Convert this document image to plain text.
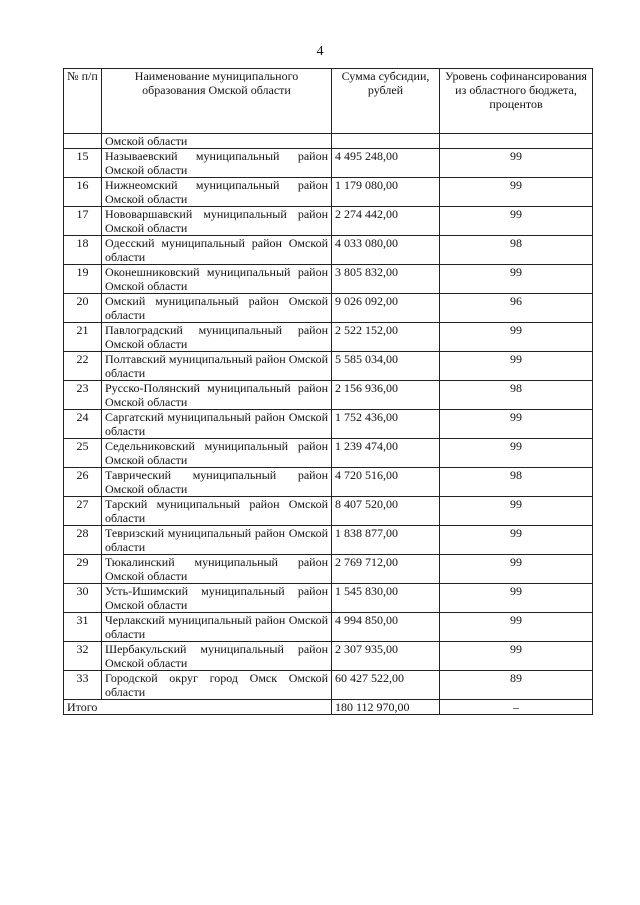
4
№ п/п	Наименование муниципального образования Омской области	Сумма субсидии, рублей	Уровень софинансирования из областного бюджета, процентов
	Омской области		
15	Называевский муниципальный район Омской области	4 495 248,00	99
16	Нижнеомский муниципальный район Омской области	1 179 080,00	99
17	Нововаршавский муниципальный район Омской области	2 274 442,00	99
18	Одесский муниципальный район Омской области	4 033 080,00	98
19	Оконешниковский муниципальный район Омской области	3 805 832,00	99
20	Омский муниципальный район Омской области	9 026 092,00	96
21	Павлоградский муниципальный район Омской области	2 522 152,00	99
22	Полтавский муниципальный район Омской области	5 585 034,00	99
23	Русско-Полянский муниципальный район Омской области	2 156 936,00	98
24	Саргатский муниципальный район Омской области	1 752 436,00	99
25	Седельниковский муниципальный район Омской области	1 239 474,00	99
26	Таврический муниципальный район Омской области	4 720 516,00	98
27	Тарский муниципальный район Омской области	8 407 520,00	99
28	Тевризский муниципальный район Омской области	1 838 877,00	99
29	Тюкалинский муниципальный район Омской области	2 769 712,00	99
30	Усть-Ишимский муниципальный район Омской области	1 545 830,00	99
31	Черлакский муниципальный район Омской области	4 994 850,00	99
32	Шербакульский муниципальный район Омской области	2 307 935,00	99
33	Городской округ город Омск Омской области	60 427 522,00	89
Итого		180 112 970,00	–
